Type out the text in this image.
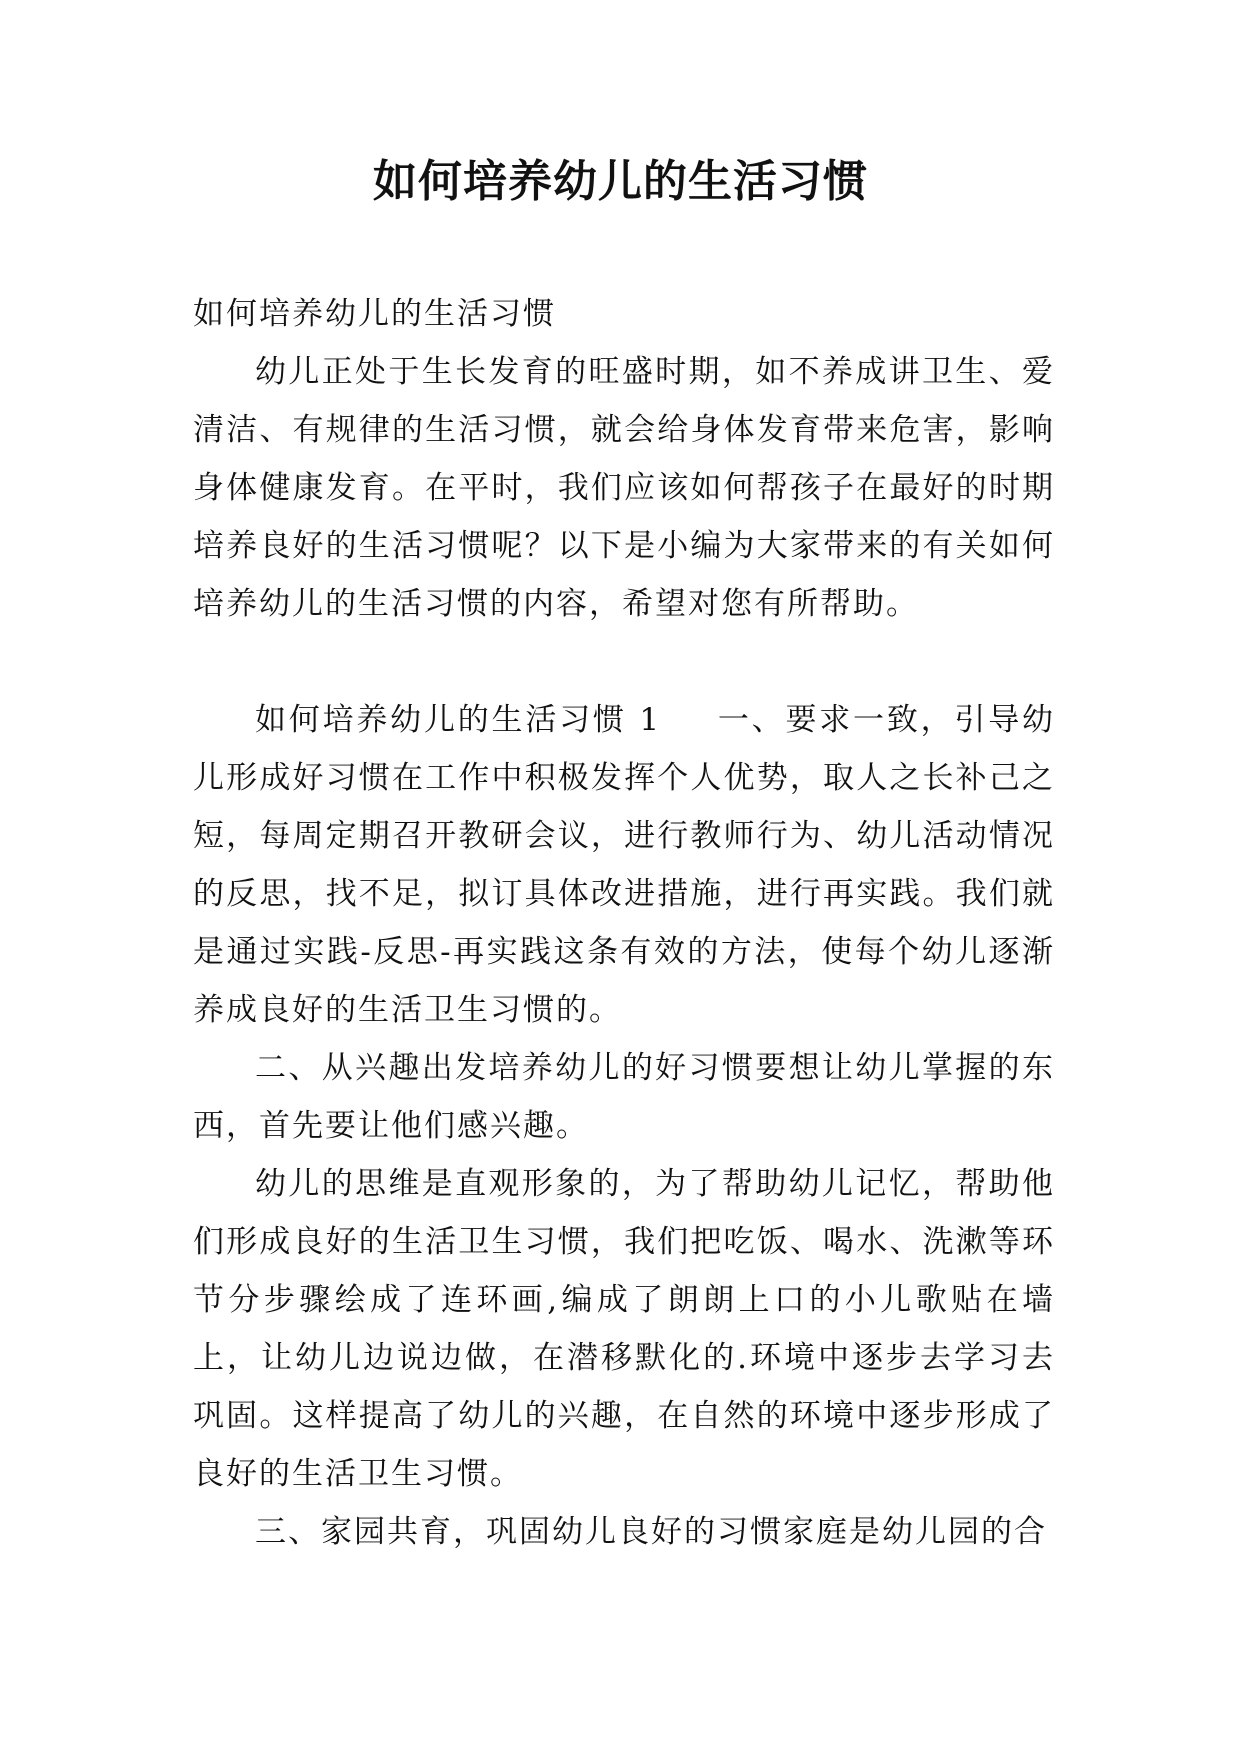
如何培养幼儿的生活习惯

如何培养幼儿的生活习惯

幼儿正处于生长发育的旺盛时期，如不养成讲卫生、爱清洁、有规律的生活习惯，就会给身体发育带来危害，影响身体健康发育。在平时，我们应该如何帮孩子在最好的时期培养良好的生活习惯呢？以下是小编为大家带来的有关如何培养幼儿的生活习惯的内容，希望对您有所帮助。

如何培养幼儿的生活习惯 1 一、要求一致，引导幼儿形成好习惯在工作中积极发挥个人优势，取人之长补己之短，每周定期召开教研会议，进行教师行为、幼儿活动情况的反思，找不足，拟订具体改进措施，进行再实践。我们就是通过实践-反思-再实践这条有效的方法，使每个幼儿逐渐养成良好的生活卫生习惯的。

二、从兴趣出发培养幼儿的好习惯要想让幼儿掌握的东西，首先要让他们感兴趣。

幼儿的思维是直观形象的，为了帮助幼儿记忆，帮助他们形成良好的生活卫生习惯，我们把吃饭、喝水、洗漱等环节分步骤绘成了连环画,编成了朗朗上口的小儿歌贴在墙上，让幼儿边说边做，在潜移默化的.环境中逐步去学习去巩固。这样提高了幼儿的兴趣，在自然的环境中逐步形成了良好的生活卫生习惯。

三、家园共育，巩固幼儿良好的习惯家庭是幼儿园的合
